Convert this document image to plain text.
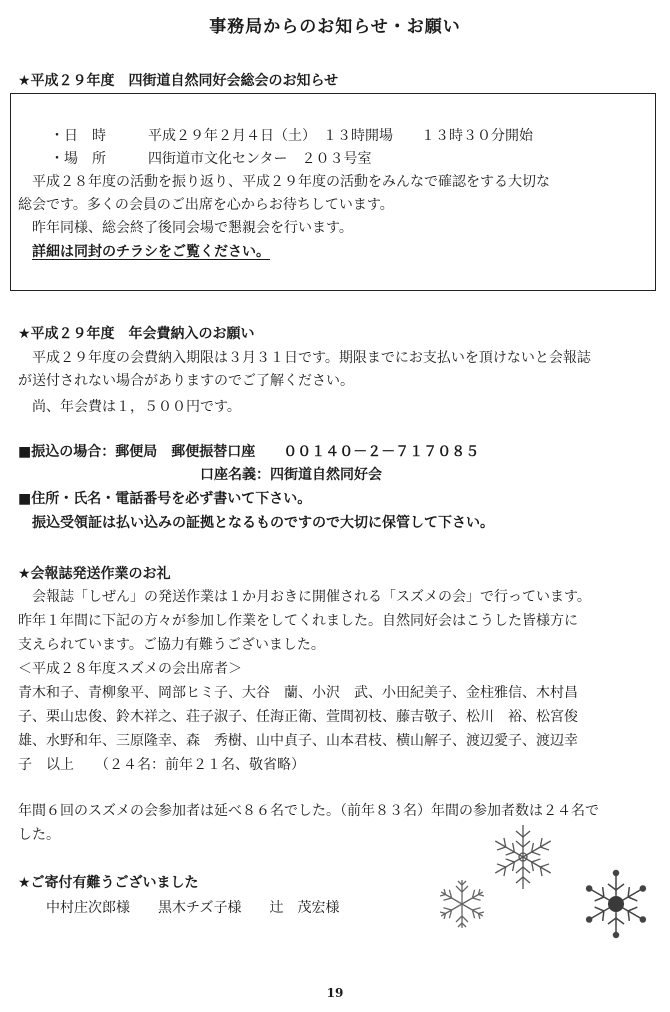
事務局からのお知らせ・お願い
★平成２９年度　四街道自然同好会総会のお知らせ
・日　時　　　平成２９年２月４日（土）　１３時開場　　１３時３０分開始
・場　所　　　四街道市文化センター　２０３号室
平成２８年度の活動を振り返り、平成２９年度の活動をみんなで確認をする大切な
総会です。多くの会員のご出席を心からお待ちしています。
昨年同様、総会終了後同会場で懇親会を行います。
詳細は同封のチラシをご覧ください。
★平成２９年度　年会費納入のお願い
平成２９年度の会費納入期限は３月３１日です。期限までにお支払いを頂けないと会報誌
が送付されない場合がありますのでご了解ください。
尚、年会費は１，５００円です。
■振込の場合：郵便局　郵便振替口座　　００１４０－２－７１７０８５
口座名義：四街道自然同好会
■住所・氏名・電話番号を必ず書いて下さい。
振込受領証は払い込みの証拠となるものですので大切に保管して下さい。
★会報誌発送作業のお礼
会報誌「しぜん」の発送作業は１か月おきに開催される「スズメの会」で行っています。
昨年１年間に下記の方々が参加し作業をしてくれました。自然同好会はこうした皆様方に
支えられています。ご協力有難うございました。
＜平成２８年度スズメの会出席者＞
青木和子、青柳象平、岡部ヒミ子、大谷　蘭、小沢　武、小田紀美子、金柱雅信、木村昌
子、栗山忠俊、鈴木祥之、荘子淑子、任海正衛、萱間初枝、藤吉敬子、松川　裕、松宮俊
雄、水野和年、三原隆幸、森　秀樹、山中貞子、山本君枝、横山解子、渡辺愛子、渡辺幸
子　以上　　（２４名：前年２１名、敬省略）
年間６回のスズメの会参加者は延べ８６名でした。（前年８３名）年間の参加者数は２４名で
した。
★ご寄付有難うございました
中村庄次郎様　　黒木チズ子様　　辻　茂宏様
19
